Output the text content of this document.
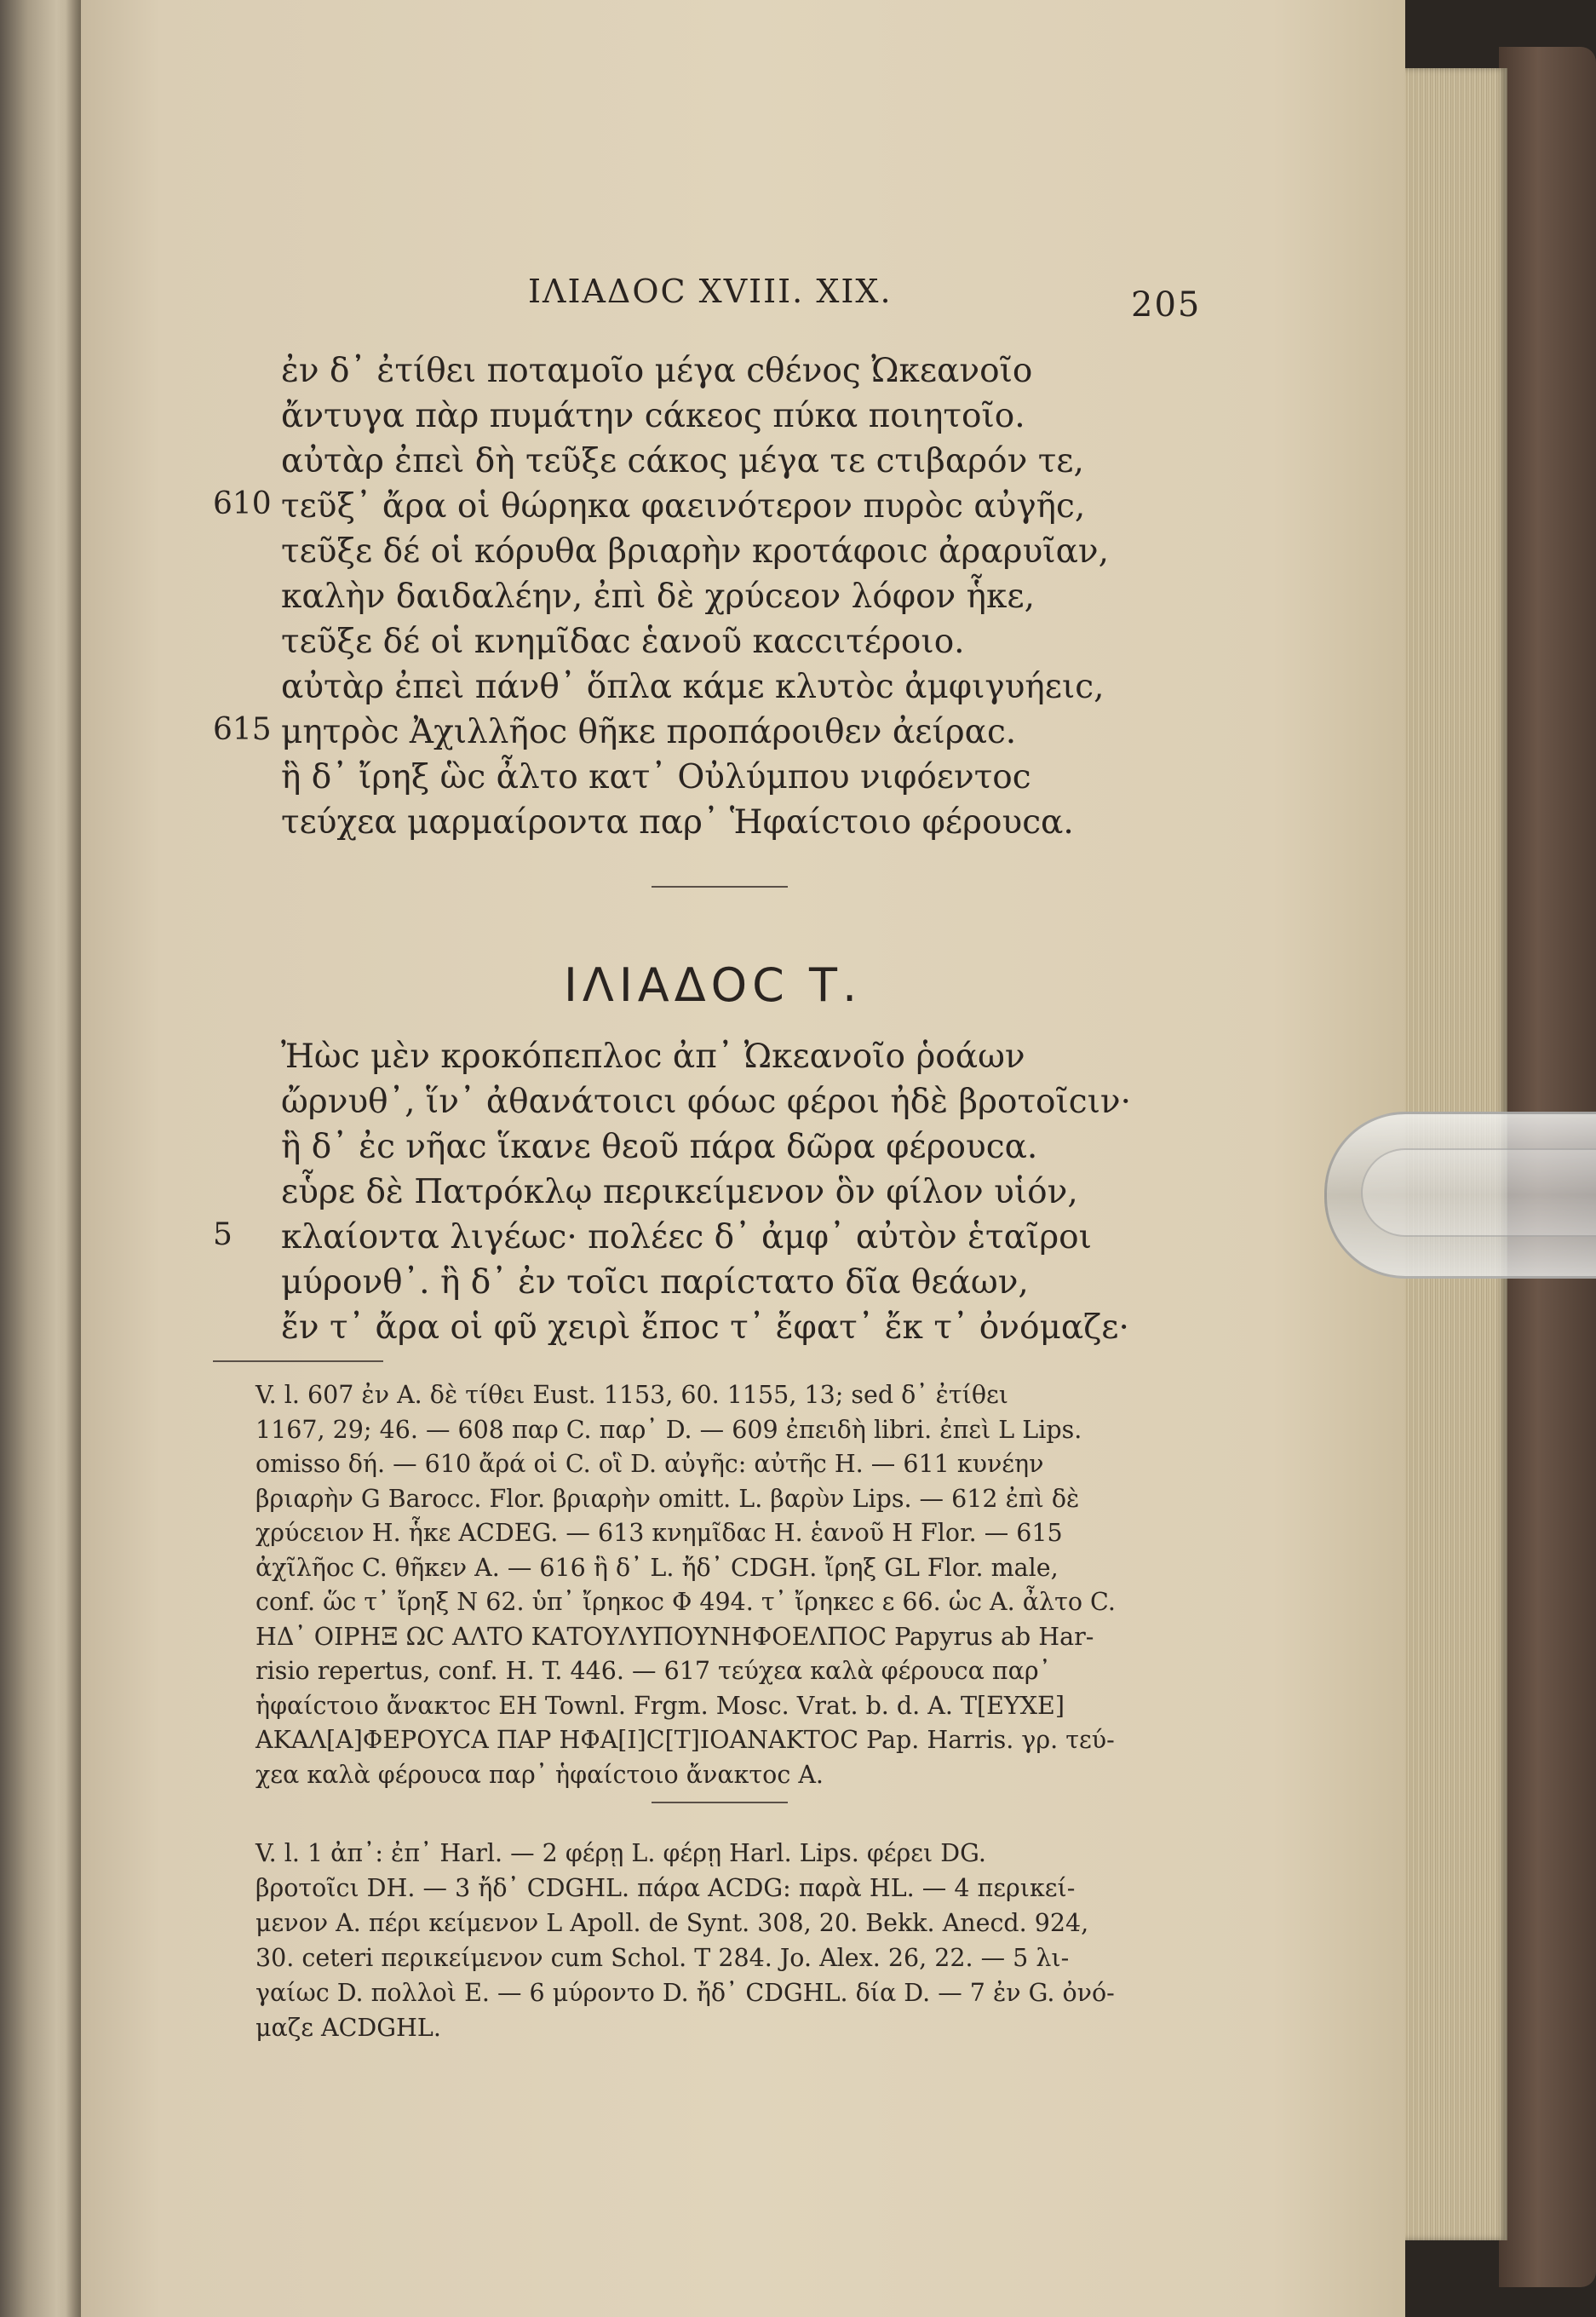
ΙΛΙΑΔΟϹ XVIII. XIX.	205
ἐν δ᾽ ἐτίθει ποταμοῖο μέγα cθένος Ὠκεανοῖο
ἄντυγα πὰρ πυμάτην cάκεος πύκα ποιητοῖο.
αὐτὰρ ἐπεὶ δὴ τεῦξε cάκος μέγα τε cτιβαρόν τε,
610 τεῦξ᾽ ἄρα οἱ θώρηκα φαεινότερον πυρὸc αὐγῆc,
τεῦξε δέ οἱ κόρυθα βριαρὴν κροτάφοιc ἀραρυῖαν,
καλὴν δαιδαλέην, ἐπὶ δὲ χρύcεον λόφον ἧκε,
τεῦξε δέ οἱ κνημῖδαc ἑανοῦ καccιτέροιο.
αὐτὰρ ἐπεὶ πάνθ᾽ ὅπλα κάμε κλυτὸc ἀμφιγυήειc,
615 μητρὸc Ἀχιλλῆοc θῆκε προπάροιθεν ἀείραc.
ἣ δ᾽ ἴρηξ ὣc ἆλτο κατ᾽ Οὐλύμπου νιφόεντοc
τεύχεα μαρμαίροντα παρ᾽ Ἡφαίcτοιο φέρουcα.
ΙΛΙΑΔΟϹ Τ.
Ἠὼc μὲν κροκόπεπλοc ἀπ᾽ Ὠκεανοῖο ῥοάων
ὤρνυθ᾽, ἵν᾽ ἀθανάτοιcι φόωc φέροι ἠδὲ βροτοῖcιν·
ἣ δ᾽ ἐc νῆαc ἵκανε θεοῦ πάρα δῶρα φέρουcα.
εὗρε δὲ Πατρόκλῳ περικείμενον ὃν φίλον υἱόν,
5 κλαίοντα λιγέωc· πολέεc δ᾽ ἀμφ᾽ αὐτὸν ἑταῖροι
μύρονθ᾽. ἣ δ᾽ ἐν τοῖcι παρίcτατο δῖα θεάων,
ἔν τ᾽ ἄρα οἱ φῦ χειρὶ ἔποc τ᾽ ἔφατ᾽ ἔκ τ᾽ ὀνόμαζε·
V. l. 607 ἐν A. δὲ τίθει Eust. 1153, 60. 1155, 13; sed δ᾽ ἐτίθει
1167, 29; 46. — 608 παρ C. παρ᾽ D. — 609 ἐπειδὴ libri. ἐπεὶ L Lips.
omisso δή. — 610 ἄρά οἱ C. οἳ D. αὐγῆc: αὐτῆc H. — 611 κυνέην
βριαρὴν G Barocc. Flor. βριαρὴν omitt. L. βαρὺν Lips. — 612 ἐπὶ δὲ
χρύcειον H. ἧκε ACDEG. — 613 κνημῖδαc H. ἑανοῦ H Flor. — 615
ἀχῖλῆοc C. θῆκεν A. — 616 ἣ δ᾽ L. ἤδ᾽ CDGH. ἴρηξ GL Flor. male,
conf. ὥc τ᾽ ἴρηξ N 62. ὑπ᾽ ἴρηκοc Φ 494. τ᾽ ἴρηκεc ε 66. ὡc A. ἆλτο C.
ΗΔ᾽ ΟΙΡΗΞ ΩC ΑΛΤΟ ΚΑΤΟΥΛΥΠΟΥΝΗΦΟΕΛΠΟC Papyrus ab Har-
risio repertus, conf. H. T. 446. — 617 τεύχεα καλὰ φέρουcα παρ᾽
ἡφαίcτοιο ἄνακτοc EH Townl. Frgm. Mosc. Vrat. b. d. A. Τ[ΕΥΧΕ]
ΑΚΑΛ[Α]ΦΕΡΟΥCΑ ΠΑΡ ΗΦΑ[Ι]C[Τ]ΙΟΑΝΑΚΤΟC Pap. Harris. γρ. τεύ-
χεα καλὰ φέρουcα παρ᾽ ἡφαίcτοιο ἄνακτοc A.
V. l. 1 ἀπ᾽: ἐπ᾽ Harl. — 2 φέρῃ L. φέρῃ Harl. Lips. φέρει DG.
βροτοῖcι DH. — 3 ἤδ᾽ CDGHL. πάρα ACDG: παρὰ HL. — 4 περικεί-
μενον A. πέρι κείμενον L Apoll. de Synt. 308, 20. Bekk. Anecd. 924,
30. ceteri περικείμενον cum Schol. Τ 284. Jo. Alex. 26, 22. — 5 λι-
γαίωc D. πολλοὶ E. — 6 μύροντο D. ἤδ᾽ CDGHL. δία D. — 7 ἐν G. ὀνό-
μαζε ACDGHL.
